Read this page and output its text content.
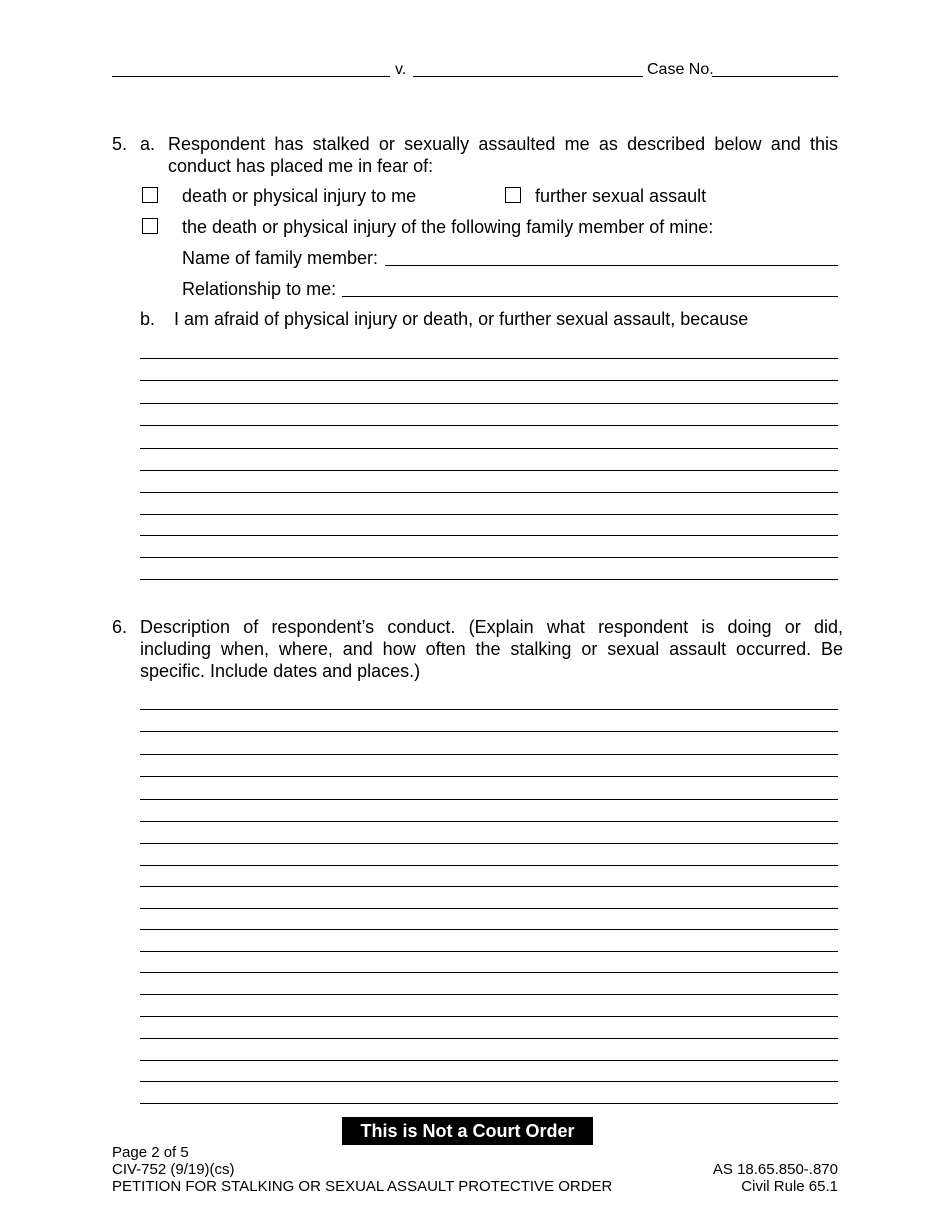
v.	Case No.
5. a. Respondent has stalked or sexually assaulted me as described below and this
conduct has placed me in fear of:
death or physical injury to me	further sexual assault
the death or physical injury of the following family member of mine:
Name of family member:
Relationship to me:
b. I am afraid of physical injury or death, or further sexual assault, because
6. Description of respondent’s conduct. (Explain what respondent is doing or did,
including when, where, and how often the stalking or sexual assault occurred. Be
specific. Include dates and places.)
This is Not a Court Order
Page 2 of 5
CIV-752 (9/19)(cs)
PETITION FOR STALKING OR SEXUAL ASSAULT PROTECTIVE ORDER
AS 18.65.850-.870
Civil Rule 65.1
